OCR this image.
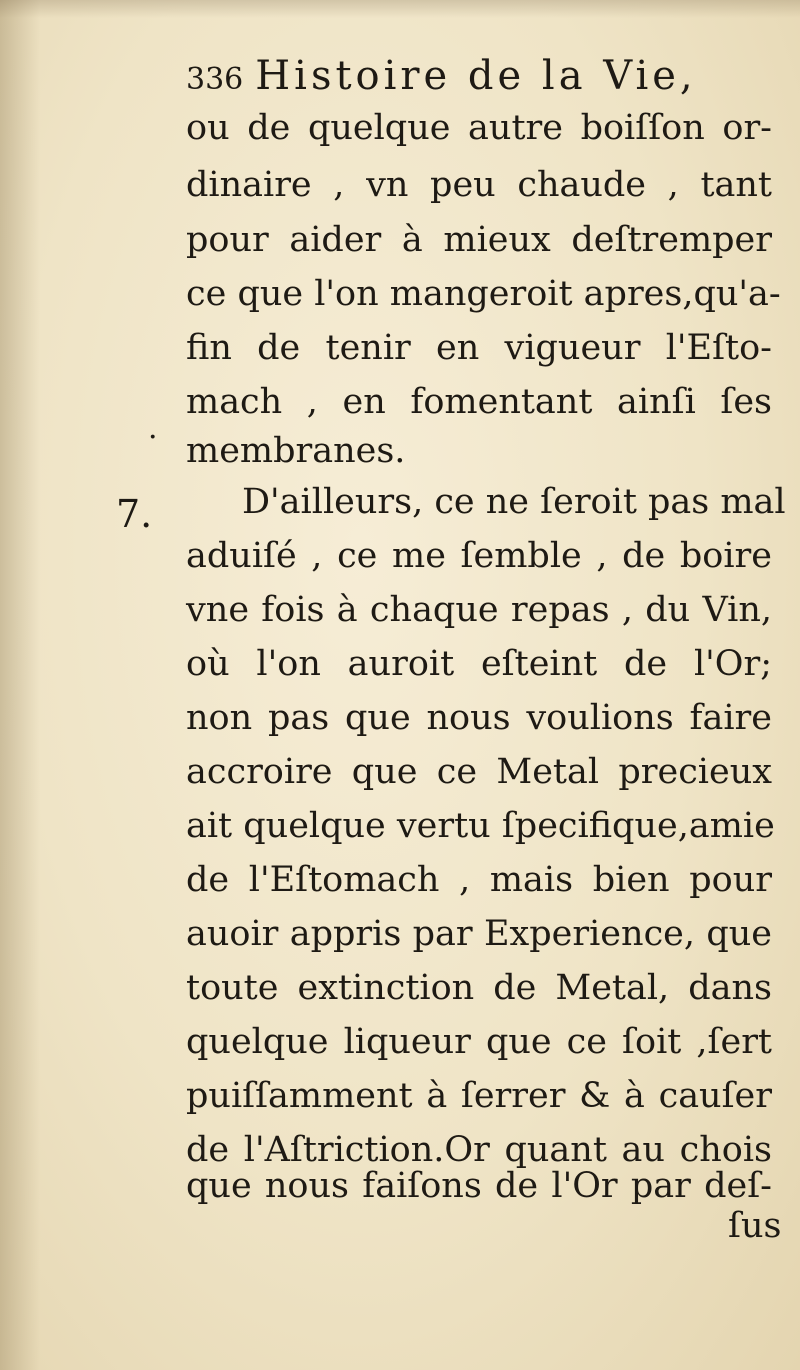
336 Histoire de la Vie,
·
7.
ou de quelque autre boiſſon or-
dinaire , vn peu chaude , tant
pour aider à mieux deſtremper
ce que l'on mangeroit apres,qu'a-
fin de tenir en vigueur l'Eſto-
mach , en fomentant ainſi ſes
membranes.
D'ailleurs, ce ne ſeroit pas mal
aduiſé , ce me ſemble , de boire
vne fois à chaque repas , du Vin,
où l'on auroit eſteint de l'Or;
non pas que nous voulions faire
accroire que ce Metal precieux
ait quelque vertu ſpecifique,amie
de l'Eſtomach , mais bien pour
auoir appris par Experience, que
toute extinction de Metal, dans
quelque liqueur que ce ſoit ,ſert
puiſſamment à ſerrer & à cauſer
de l'Aſtriction.Or quant au chois
que nous faiſons de l'Or par deſ-
ſus
